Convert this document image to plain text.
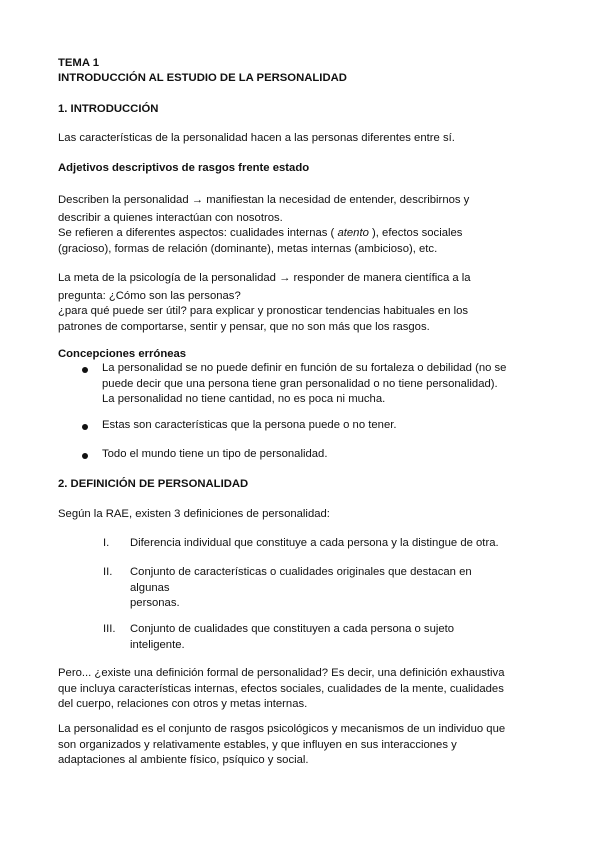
TEMA 1

INTRODUCCIÓN AL ESTUDIO DE LA PERSONALIDAD

1. INTRODUCCIÓN

Las características de la personalidad hacen a las personas diferentes entre sí.

Adjetivos descriptivos de rasgos frente estado

Describen la personalidad → manifiestan la necesidad de entender, describirnos y
describir a quienes interactúan con nosotros.
Se refieren a diferentes aspectos: cualidades internas ( atento ), efectos sociales
(gracioso), formas de relación (dominante), metas internas (ambicioso), etc.
La meta de la psicología de la personalidad → responder de manera científica a la
pregunta: ¿Cómo son las personas?
¿para qué puede ser útil? para explicar y pronosticar tendencias habituales en los
patrones de comportarse, sentir y pensar, que no son más que los rasgos.

Concepciones erróneas

La personalidad se no puede definir en función de su fortaleza o debilidad (no se
puede decir que una persona tiene gran personalidad o no tiene personalidad).
La personalidad no tiene cantidad, no es poca ni mucha.
Estas son características que la persona puede o no tener.
Todo el mundo tiene un tipo de personalidad.

2. DEFINICIÓN DE PERSONALIDAD

Según la RAE, existen 3 definiciones de personalidad:

I. Diferencia individual que constituye a cada persona y la distingue de otra.

II. Conjunto de características o cualidades originales que destacan en
algunas
personas.

III. Conjunto de cualidades que constituyen a cada persona o sujeto
inteligente.
Pero... ¿existe una definición formal de personalidad? Es decir, una definición exhaustiva
que incluya características internas, efectos sociales, cualidades de la mente, cualidades
del cuerpo, relaciones con otros y metas internas.
La personalidad es el conjunto de rasgos psicológicos y mecanismos de un individuo que
son organizados y relativamente estables, y que influyen en sus interacciones y
adaptaciones al ambiente físico, psíquico y social.
